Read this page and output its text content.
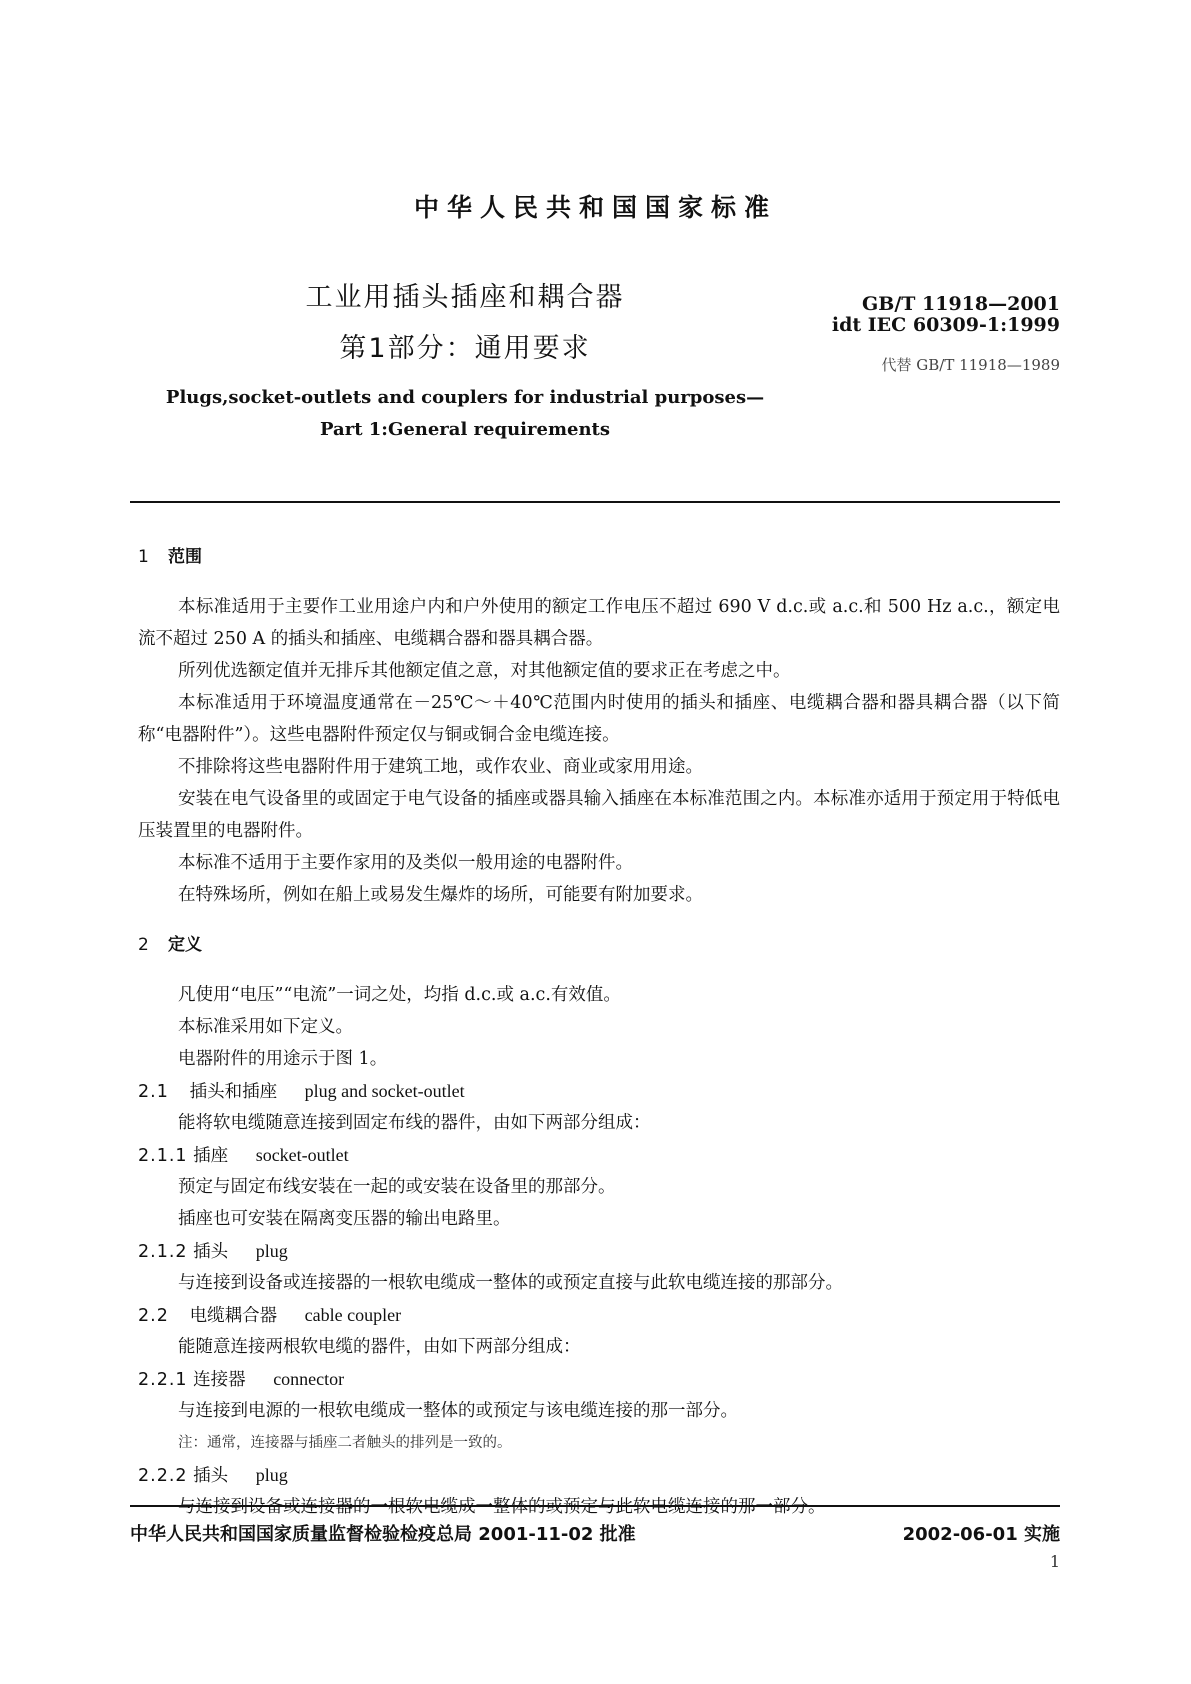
中华人民共和国国家标准
工业用插头插座和耦合器
第1部分：通用要求
GB/T 11918—2001
idt IEC 60309-1:1999
代替 GB/T 11918—1989
Plugs,socket-outlets and couplers for industrial purposes—
Part 1:General requirements
1 范围

本标准适用于主要作工业用途户内和户外使用的额定工作电压不超过 690 V d.c.或 a.c.和 500 Hz a.c.，额定电流不超过 250 A 的插头和插座、电缆耦合器和器具耦合器。

所列优选额定值并无排斥其他额定值之意，对其他额定值的要求正在考虑之中。

本标准适用于环境温度通常在－25℃～＋40℃范围内时使用的插头和插座、电缆耦合器和器具耦合器（以下简称“电器附件”）。这些电器附件预定仅与铜或铜合金电缆连接。

不排除将这些电器附件用于建筑工地，或作农业、商业或家用用途。

安装在电气设备里的或固定于电气设备的插座或器具输入插座在本标准范围之内。本标准亦适用于预定用于特低电压装置里的电器附件。

本标准不适用于主要作家用的及类似一般用途的电器附件。

在特殊场所，例如在船上或易发生爆炸的场所，可能要有附加要求。

2 定义

凡使用“电压”“电流”一词之处，均指 d.c.或 a.c.有效值。

本标准采用如下定义。

电器附件的用途示于图 1。

2.1 插头和插座 plug and socket-outlet

能将软电缆随意连接到固定布线的器件，由如下两部分组成：

2.1.1 插座 socket-outlet

预定与固定布线安装在一起的或安装在设备里的那部分。

插座也可安装在隔离变压器的输出电路里。

2.1.2 插头 plug

与连接到设备或连接器的一根软电缆成一整体的或预定直接与此软电缆连接的那部分。

2.2 电缆耦合器 cable coupler

能随意连接两根软电缆的器件，由如下两部分组成：

2.2.1 连接器 connector

与连接到电源的一根软电缆成一整体的或预定与该电缆连接的那一部分。

注：通常，连接器与插座二者触头的排列是一致的。

2.2.2 插头 plug

与连接到设备或连接器的一根软电缆成一整体的或预定与此软电缆连接的那一部分。

中华人民共和国国家质量监督检验检疫总局 2001-11-02 批准	2002-06-01 实施
1
